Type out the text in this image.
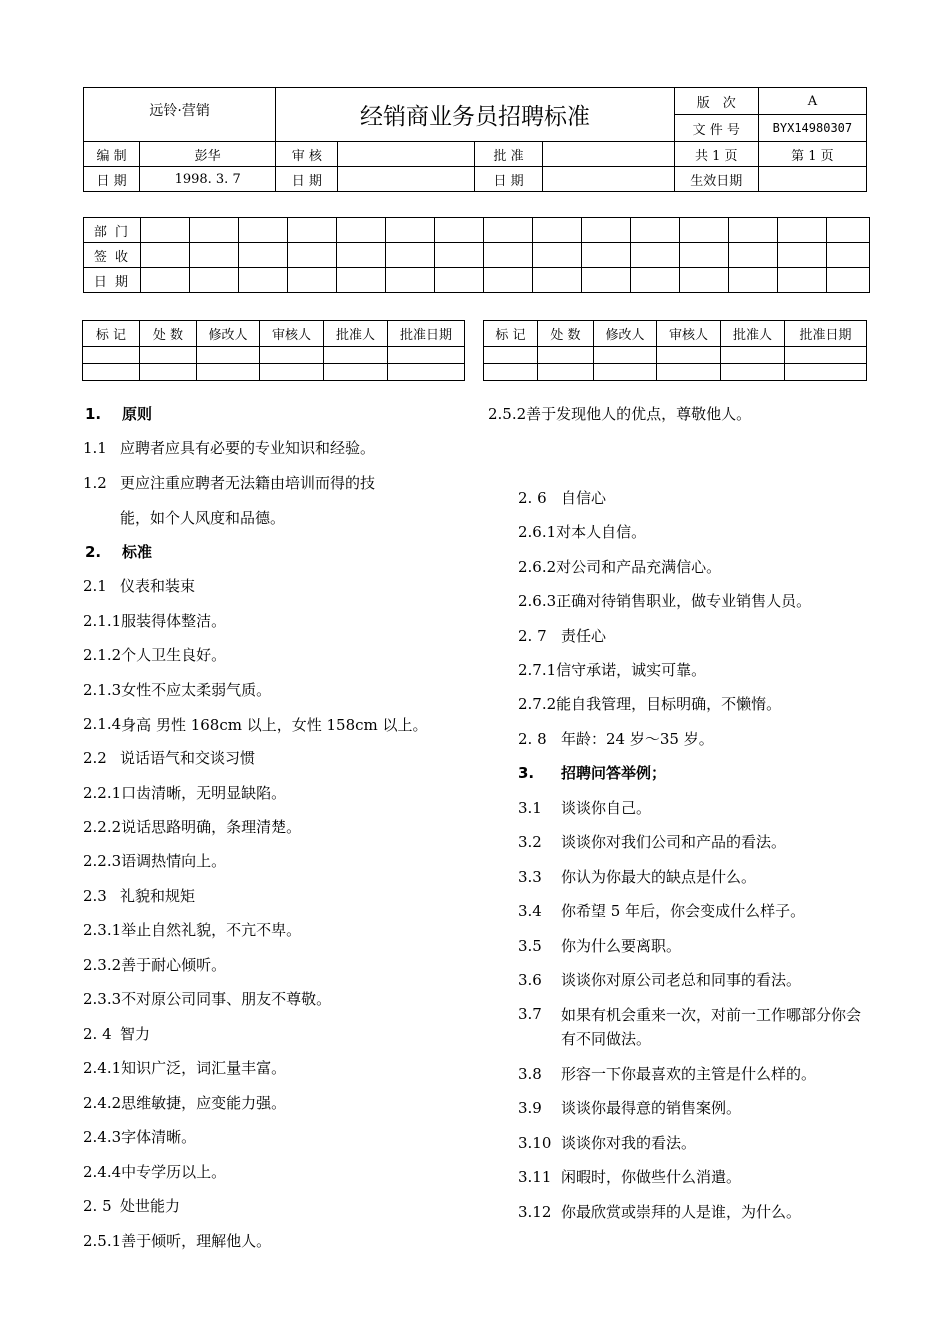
远铃·营销		经销商业务员招聘标准				版　次	A
						文 件 号	BYX14980307
编 制	彭华	审 核		批 准		共 1 页	第 1 页
日 期	1998. 3. 7	日 期		日 期		生效日期	
部 门															
签 收															
日 期															
标 记	处 数	修改人	审核人	批准人	批准日期

						标 记	处 数	修改人	审核人	批准人	批准日期

1. 原则
1.1 应聘者应具有必要的专业知识和经验。
1.2 更应注重应聘者无法籍由培训而得的技
能，如个人风度和品德。
2. 标准
2.1 仪表和装束
2.1.1服装得体整洁。
2.1.2个人卫生良好。
2.1.3女性不应太柔弱气质。
2.1.4身高 男性 168cm 以上，女性 158cm 以上。
2.2 说话语气和交谈习惯
2.2.1口齿清晰，无明显缺陷。
2.2.2说话思路明确，条理清楚。
2.2.3语调热情向上。
2.3 礼貌和规矩
2.3.1举止自然礼貌，不亢不卑。
2.3.2善于耐心倾听。
2.3.3不对原公司同事、朋友不尊敬。
2. 4 智力
2.4.1知识广泛，词汇量丰富。
2.4.2思维敏捷，应变能力强。
2.4.3字体清晰。
2.4.4中专学历以上。
2. 5 处世能力
2.5.1善于倾听，理解他人。
2.5.2善于发现他人的优点，尊敬他人。
2. 6 自信心
2.6.1对本人自信。
2.6.2对公司和产品充满信心。
2.6.3正确对待销售职业，做专业销售人员。
2. 7 责任心
2.7.1信守承诺，诚实可靠。
2.7.2能自我管理，目标明确，不懒惰。
2. 8 年龄：24 岁～35 岁。
3. 招聘问答举例；
3.1 谈谈你自己。
3.2 谈谈你对我们公司和产品的看法。
3.3 你认为你最大的缺点是什么。
3.4 你希望 5 年后，你会变成什么样子。
3.5 你为什么要离职。
3.6 谈谈你对原公司老总和同事的看法。
3.7 如果有机会重来一次，对前一工作哪部分你会有不同做法。
3.8 形容一下你最喜欢的主管是什么样的。
3.9 谈谈你最得意的销售案例。
3.10 谈谈你对我的看法。
3.11 闲暇时，你做些什么消遣。
3.12 你最欣赏或崇拜的人是谁，为什么。
